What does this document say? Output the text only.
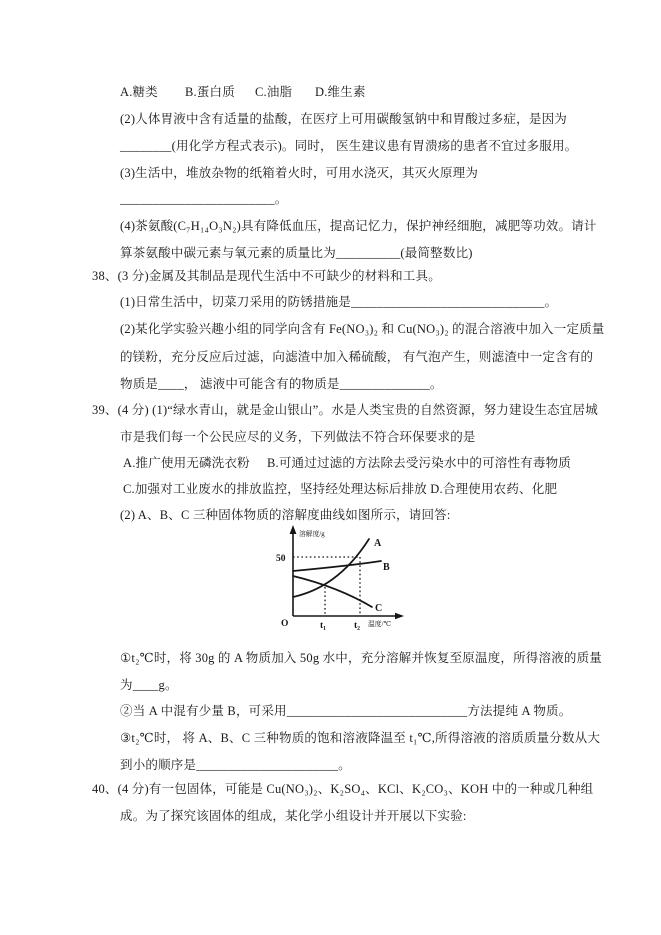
A.糖类 B.蛋白质 C.油脂 D.维生素
(2)人体胃液中含有适量的盐酸，在医疗上可用碳酸氢钠中和胃酸过多症，是因为
________(用化学方程式表示)。同时， 医生建议患有胃溃疡的患者不宜过多服用。
(3)生活中，堆放杂物的纸箱着火时，可用水浇灭，其灭火原理为
________________________。
(4)茶氨酸(C₇H₁₄O₃N₂)具有降低血压，提高记忆力，保护神经细胞，减肥等功效。请计
算茶氨酸中碳元素与氧元素的质量比为__________(最简整数比)
38、(3 分)金属及其制品是现代生活中不可缺少的材料和工具。
(1)日常生活中，切菜刀采用的防锈措施是______________________________。
(2)某化学实验兴趣小组的同学向含有 Fe(NO₃)₂ 和 Cu(NO₃)₂ 的混合溶液中加入一定质量
的镁粉，充分反应后过滤，向滤渣中加入稀硫酸， 有气泡产生，则滤渣中一定含有的
物质是____， 滤液中可能含有的物质是______________。
39、(4 分) (1)“绿水青山，就是金山银山”。水是人类宝贵的自然资源，努力建设生态宜居城
市是我们每一个公民应尽的义务，下列做法不符合环保要求的是
A.推广使用无磷洗衣粉 B.可通过过滤的方法除去受污染水中的可溶性有毒物质
C.加强对工业废水的排放监控，坚持经处理达标后排放 D.合理使用农药、化肥
(2) A、B、C 三种固体物质的溶解度曲线如图所示，请回答:
溶解度/g
50
O	t₁	t₂ 温度/℃
A
B
C
①t₂℃时，将 30g 的 A 物质加入 50g 水中，充分溶解并恢复至原温度，所得溶液的质量
为____g。
②当 A 中混有少量 B，可采用____________________________方法提纯 A 物质。
③t₂℃时， 将 A、B、C 三种物质的饱和溶液降温至 t₁℃,所得溶液的溶质质量分数从大
到小的顺序是______________________。
40、(4 分)有一包固体，可能是 Cu(NO₃)₂、K₂SO₄、KCl、K₂CO₃、KOH 中的一种或几种组
成。为了探究该固体的组成，某化学小组设计并开展以下实验:
